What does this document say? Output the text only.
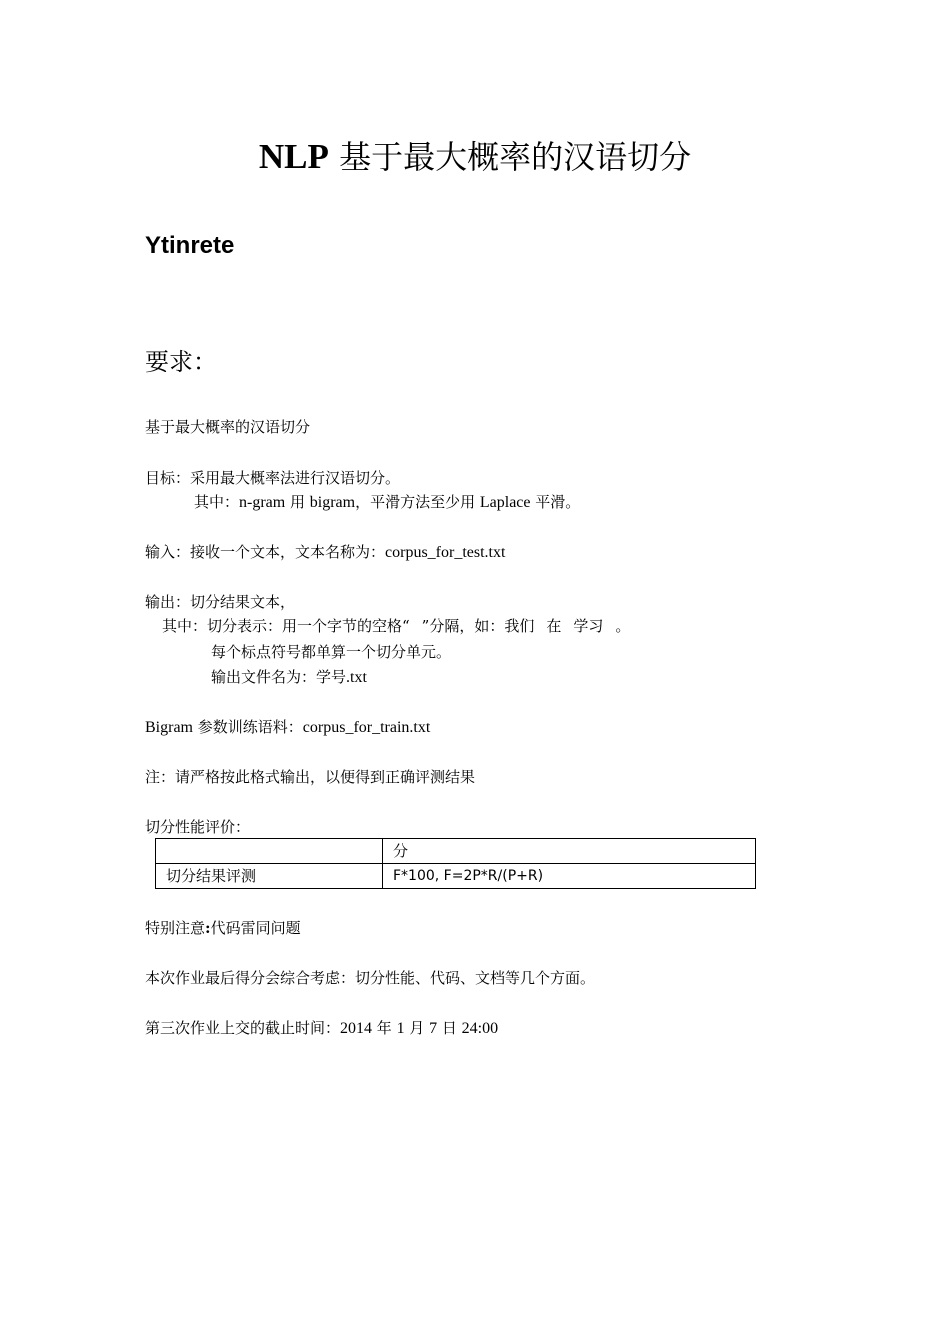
NLP 基于最大概率的汉语切分
Ytinrete
要求：
基于最大概率的汉语切分
目标：采用最大概率法进行汉语切分。
其中：n-gram 用 bigram，平滑方法至少用 Laplace 平滑。
输入：接收一个文本，文本名称为：corpus_for_test.txt
输出：切分结果文本，
其中：切分表示：用一个字节的空格“ ”分隔，如：我们 在 学习 。
每个标点符号都单算一个切分单元。
输出文件名为：学号.txt
Bigram 参数训练语料：corpus_for_train.txt
注：请严格按此格式输出，以便得到正确评测结果
切分性能评价：
	分
切分结果评测	F*100, F=2P*R/(P+R)
特别注意:代码雷同问题
本次作业最后得分会综合考虑：切分性能、代码、文档等几个方面。
第三次作业上交的截止时间：2014 年 1 月 7 日 24:00
